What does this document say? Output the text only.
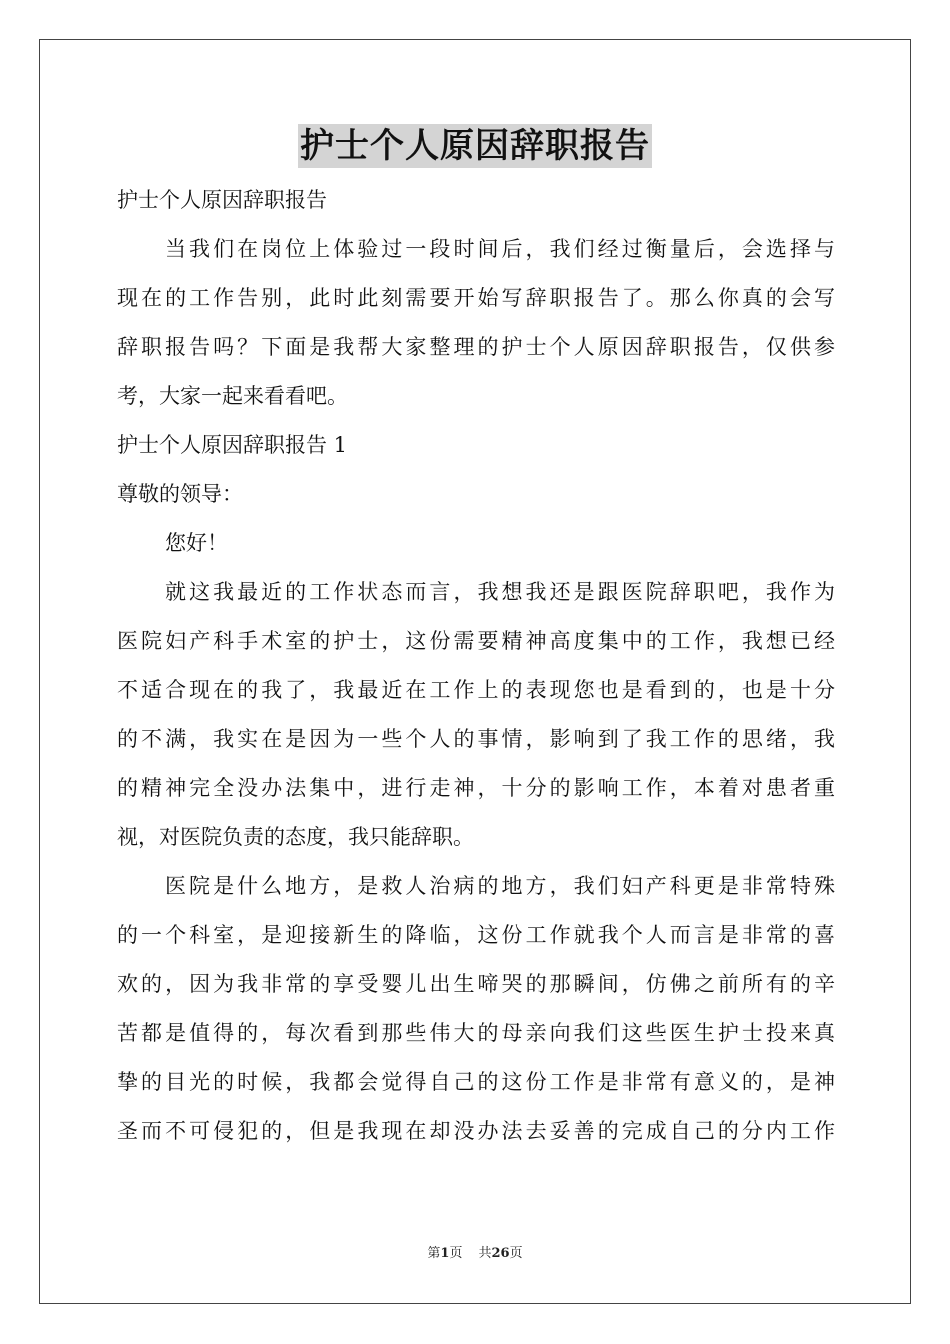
护士个人原因辞职报告
护士个人原因辞职报告
当我们在岗位上体验过一段时间后，我们经过衡量后，会选择与
现在的工作告别，此时此刻需要开始写辞职报告了。那么你真的会写
辞职报告吗？下面是我帮大家整理的护士个人原因辞职报告，仅供参
考，大家一起来看看吧。
护士个人原因辞职报告 1
尊敬的领导：
您好！
就这我最近的工作状态而言，我想我还是跟医院辞职吧，我作为
医院妇产科手术室的护士，这份需要精神高度集中的工作，我想已经
不适合现在的我了，我最近在工作上的表现您也是看到的，也是十分
的不满，我实在是因为一些个人的事情，影响到了我工作的思绪，我
的精神完全没办法集中，进行走神，十分的影响工作，本着对患者重
视，对医院负责的态度，我只能辞职。
医院是什么地方，是救人治病的地方，我们妇产科更是非常特殊
的一个科室，是迎接新生的降临，这份工作就我个人而言是非常的喜
欢的，因为我非常的享受婴儿出生啼哭的那瞬间，仿佛之前所有的辛
苦都是值得的，每次看到那些伟大的母亲向我们这些医生护士投来真
挚的目光的时候，我都会觉得自己的这份工作是非常有意义的，是神
圣而不可侵犯的，但是我现在却没办法去妥善的完成自己的分内工作
第1页 共26页
